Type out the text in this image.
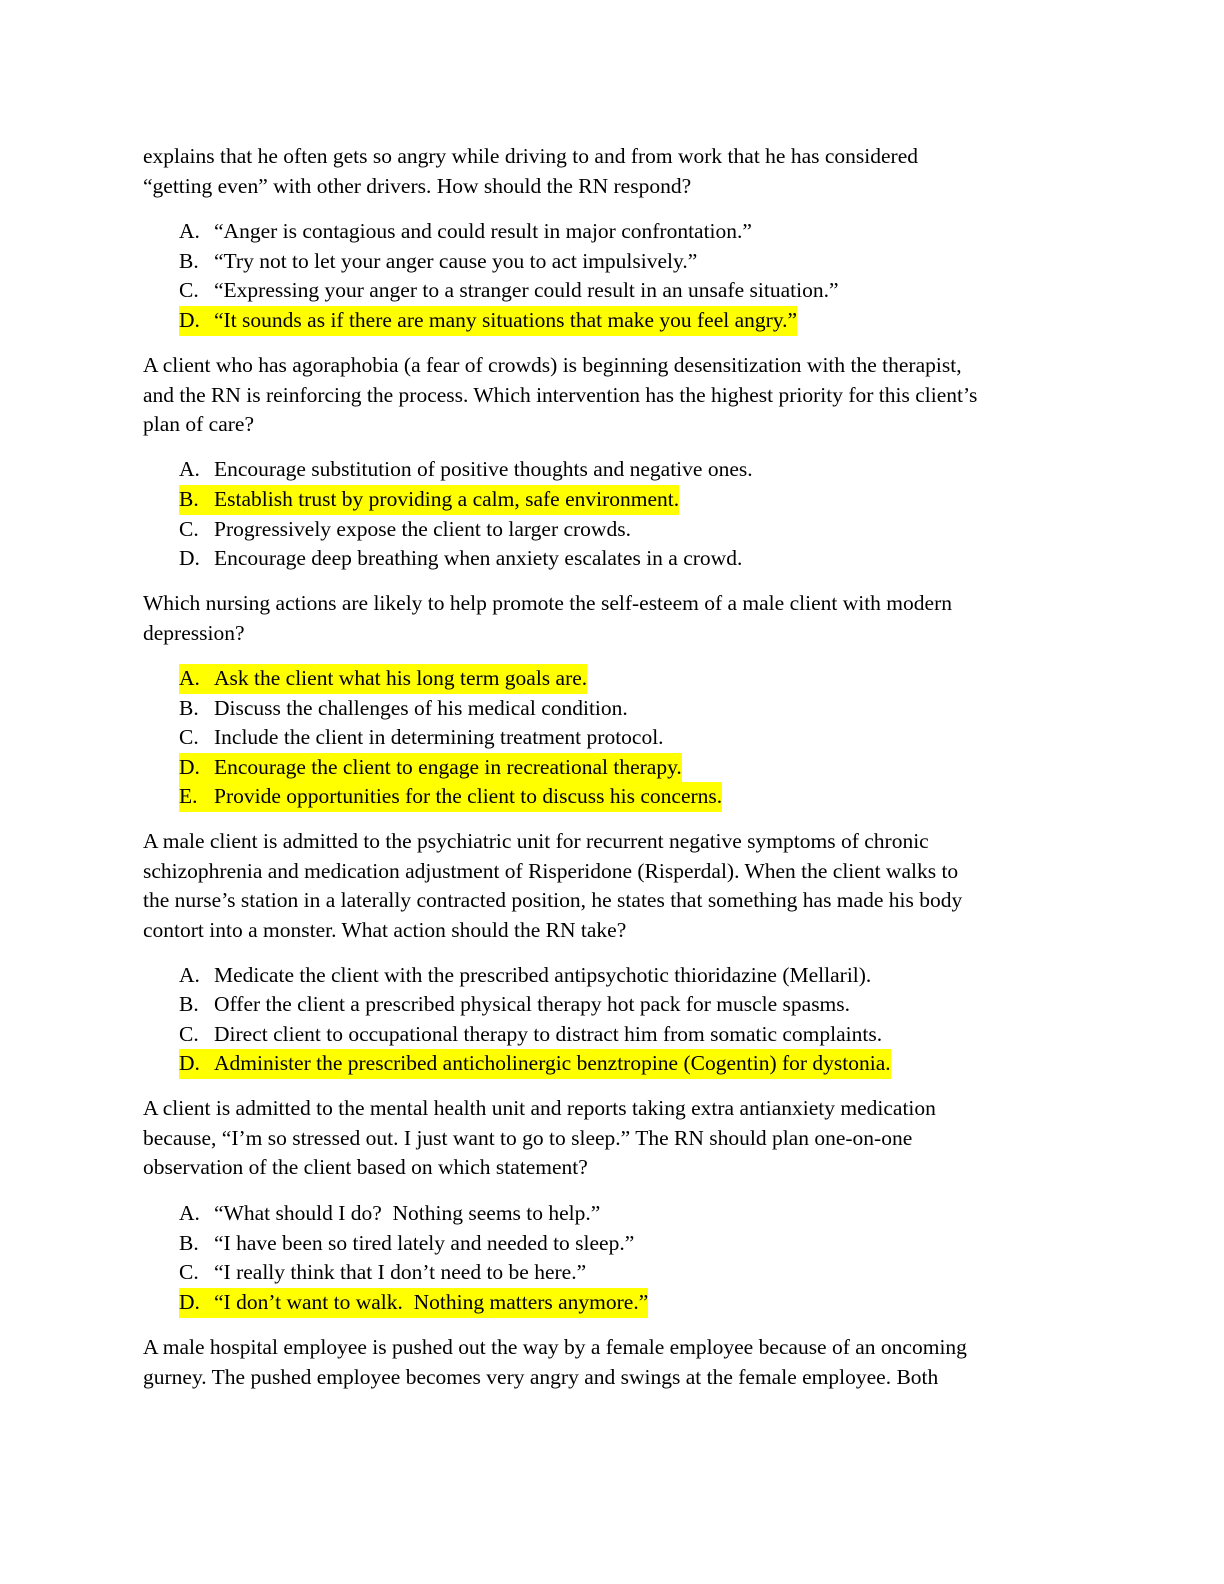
explains that he often gets so angry while driving to and from work that he has considered
“getting even” with other drivers. How should the RN respond?

A. “Anger is contagious and could result in major confrontation.”
B. “Try not to let your anger cause you to act impulsively.”
C. “Expressing your anger to a stranger could result in an unsafe situation.”
D. “It sounds as if there are many situations that make you feel angry.”

A client who has agoraphobia (a fear of crowds) is beginning desensitization with the therapist,
and the RN is reinforcing the process. Which intervention has the highest priority for this client’s
plan of care?

A. Encourage substitution of positive thoughts and negative ones.
B. Establish trust by providing a calm, safe environment.
C. Progressively expose the client to larger crowds.
D. Encourage deep breathing when anxiety escalates in a crowd.

Which nursing actions are likely to help promote the self-esteem of a male client with modern
depression?

A. Ask the client what his long term goals are.
B. Discuss the challenges of his medical condition.
C. Include the client in determining treatment protocol.
D. Encourage the client to engage in recreational therapy.
E. Provide opportunities for the client to discuss his concerns.

A male client is admitted to the psychiatric unit for recurrent negative symptoms of chronic
schizophrenia and medication adjustment of Risperidone (Risperdal). When the client walks to
the nurse’s station in a laterally contracted position, he states that something has made his body
contort into a monster. What action should the RN take?

A. Medicate the client with the prescribed antipsychotic thioridazine (Mellaril).
B. Offer the client a prescribed physical therapy hot pack for muscle spasms.
C. Direct client to occupational therapy to distract him from somatic complaints.
D. Administer the prescribed anticholinergic benztropine (Cogentin) for dystonia.

A client is admitted to the mental health unit and reports taking extra antianxiety medication
because, “I’m so stressed out. I just want to go to sleep.” The RN should plan one-on-one
observation of the client based on which statement?

A. “What should I do?  Nothing seems to help.”
B. “I have been so tired lately and needed to sleep.”
C. “I really think that I don’t need to be here.”
D. “I don’t want to walk.  Nothing matters anymore.”

A male hospital employee is pushed out the way by a female employee because of an oncoming
gurney. The pushed employee becomes very angry and swings at the female employee. Both
